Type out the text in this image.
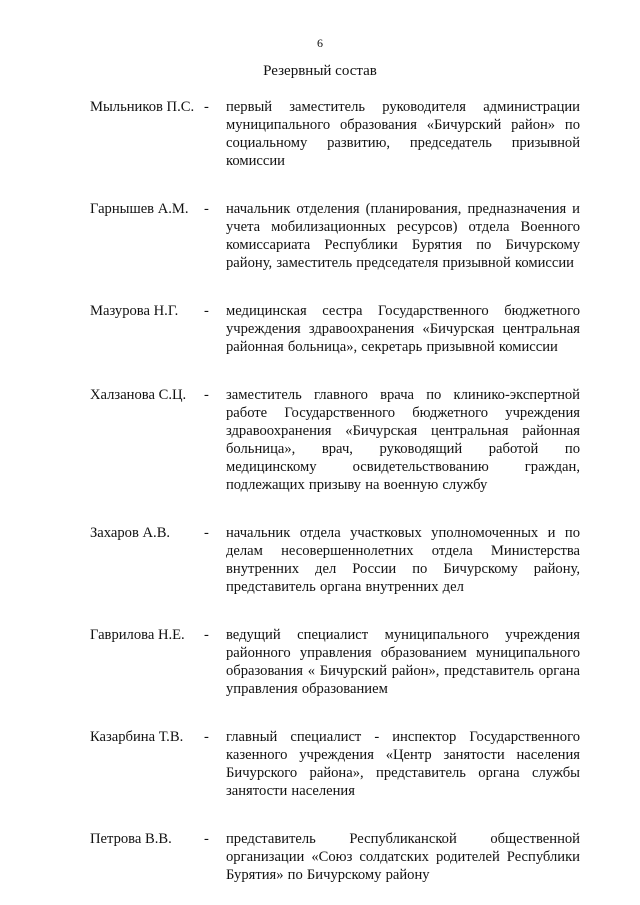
6
Резервный состав
Мыльников П.С. -	первый заместитель руководителя администрации муниципального образования «Бичурский район» по социальному развитию, председатель призывной комиссии
Гарнышев А.М.	-	начальник отделения (планирования, предназначения и учета мобилизационных ресурсов) отдела Военного комиссариата Республики Бурятия по Бичурскому району, заместитель председателя призывной комиссии
Мазурова Н.Г.	-	медицинская сестра Государственного бюджетного учреждения здравоохранения «Бичурская центральная районная больница», секретарь призывной комиссии
Халзанова С.Ц.	-	заместитель главного врача по клинико-экспертной работе Государственного бюджетного учреждения здравоохранения «Бичурская центральная районная больница», врач, руководящий работой по медицинскому освидетельствованию граждан, подлежащих призыву на военную службу
Захаров А.В.	-	начальник отдела участковых уполномоченных и по делам несовершеннолетних отдела Министерства внутренних дел России по Бичурскому району, представитель органа внутренних дел
Гаврилова Н.Е.	-	ведущий специалист муниципального учреждения районного управления образованием муниципального образования « Бичурский район», представитель органа управления образованием
Казарбина Т.В.	-	главный специалист - инспектор Государственного казенного учреждения «Центр занятости населения Бичурского района», представитель органа службы занятости населения
Петрова В.В.	-	представитель Республиканской общественной организации «Союз солдатских родителей Республики Бурятия» по Бичурскому району
